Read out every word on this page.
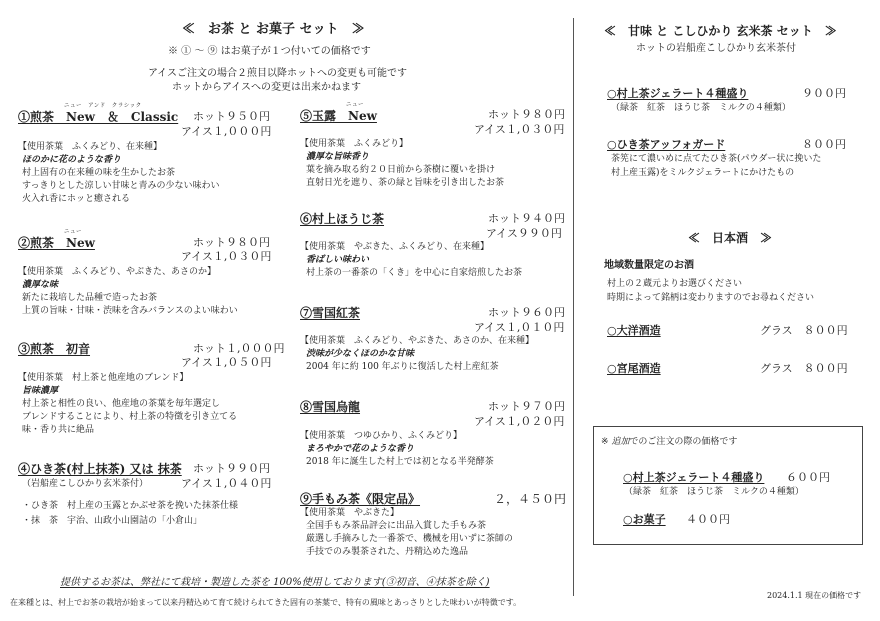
≪　お茶 と お菓子 セット　≫
※ ① ～ ⑨ はお菓子が１つ付いての価格です
アイスご注文の場合２煎目以降ホットへの変更も可能です
ホットからアイスへの変更は出来かねます
ニュー　アンド　クラシック
①煎茶　New　＆　Classic ホット９５０円
アイス１,０００円
【使用茶葉　ふくみどり、在来種】
ほのかに花のような香り
村上固有の在来種の味を生かしたお茶
すっきりとした涼しい甘味と青みの少ない味わい
火入れ香にホッと癒される
ニュー
②煎茶　New	ホット９８０円
アイス１,０３０円
【使用茶葉　ふくみどり、やぶきた、あさのか】
濃厚な味
新たに栽培した品種で造ったお茶
上質の旨味・甘味・渋味を含みバランスのよい味わい
③煎茶　初音	ホット１,０００円
アイス１,０５０円
【使用茶葉　村上茶と他産地のブレンド】
旨味濃厚
村上茶と相性の良い、他産地の茶葉を毎年選定し
ブレンドすることにより、村上茶の特徴を引き立てる
味・香り共に絶品
④ひき茶(村上抹茶) 又は 抹茶 ホット９９０円
アイス１,０４０円
（岩船産こしひかり玄米茶付）
・ひき茶　村上産の玉露とかぶせ茶を挽いた抹茶仕様
・抹　茶　宇治、山政小山園詰の「小倉山」
ニュー
⑤玉露　New	ホット９８０円
アイス１,０３０円
【使用茶葉　ふくみどり】
濃厚な旨味香り
葉を摘み取る約２０日前から茶樹に覆いを掛け
直射日光を遮り、茶の緑と旨味を引き出したお茶
⑥村上ほうじ茶	ホット９４０円
アイス９９０円
【使用茶葉　やぶきた、ふくみどり、在来種】
香ばしい味わい
村上茶の一番茶の「くき」を中心に自家焙煎したお茶
⑦雪国紅茶	ホット９６０円
アイス１,０１０円
【使用茶葉　ふくみどり、やぶきた、あさのか、在来種】
渋味が少なくほのかな甘味
2004 年に約 100 年ぶりに復活した村上産紅茶
⑧雪国烏龍	ホット９７０円
アイス１,０２０円
【使用茶葉　つゆひかり、ふくみどり】
まろやかで花のような香り
2018 年に誕生した村上では初となる半発酵茶
⑨手もみ茶《限定品》	２，４５０円
【使用茶葉　やぶきた】
全国手もみ茶品評会に出品入賞した手もみ茶
厳選し手摘みした一番茶で、機械を用いずに茶師の
手技でのみ製茶された、丹精込めた逸品
≪　甘味 と こしひかり 玄米茶 セット　≫
ホットの岩船産こしひかり玄米茶付
○村上茶ジェラート４種盛り	９００円
（緑茶　紅茶　ほうじ茶　ミルクの４種類）
○ひき茶アッフォガード	８００円
茶筅にて濃いめに点てたひき茶(パウダー状に挽いた
村上産玉露)をミルクジェラートにかけたもの
≪　日本酒　≫
地域数量限定のお酒
村上の２蔵元よりお選びください
時期によって銘柄は変わりますのでお尋ねください
○大洋酒造	グラス　８００円
○宮尾酒造	グラス　８００円
※ 追加でのご注文の際の価格です
○村上茶ジェラート４種盛り ６００円
（緑茶　紅茶　ほうじ茶　ミルクの４種類）
○お菓子 ４００円
提供するお茶は、弊社にて栽培・製造した茶を 100%使用しております(③初音、④抹茶を除く)
在来種とは、村上でお茶の栽培が始まって以来丹精込めて育て続けられてきた固有の茶葉で、特有の風味とあっさりとした味わいが特徴です。
2024.1.1 現在の価格です
